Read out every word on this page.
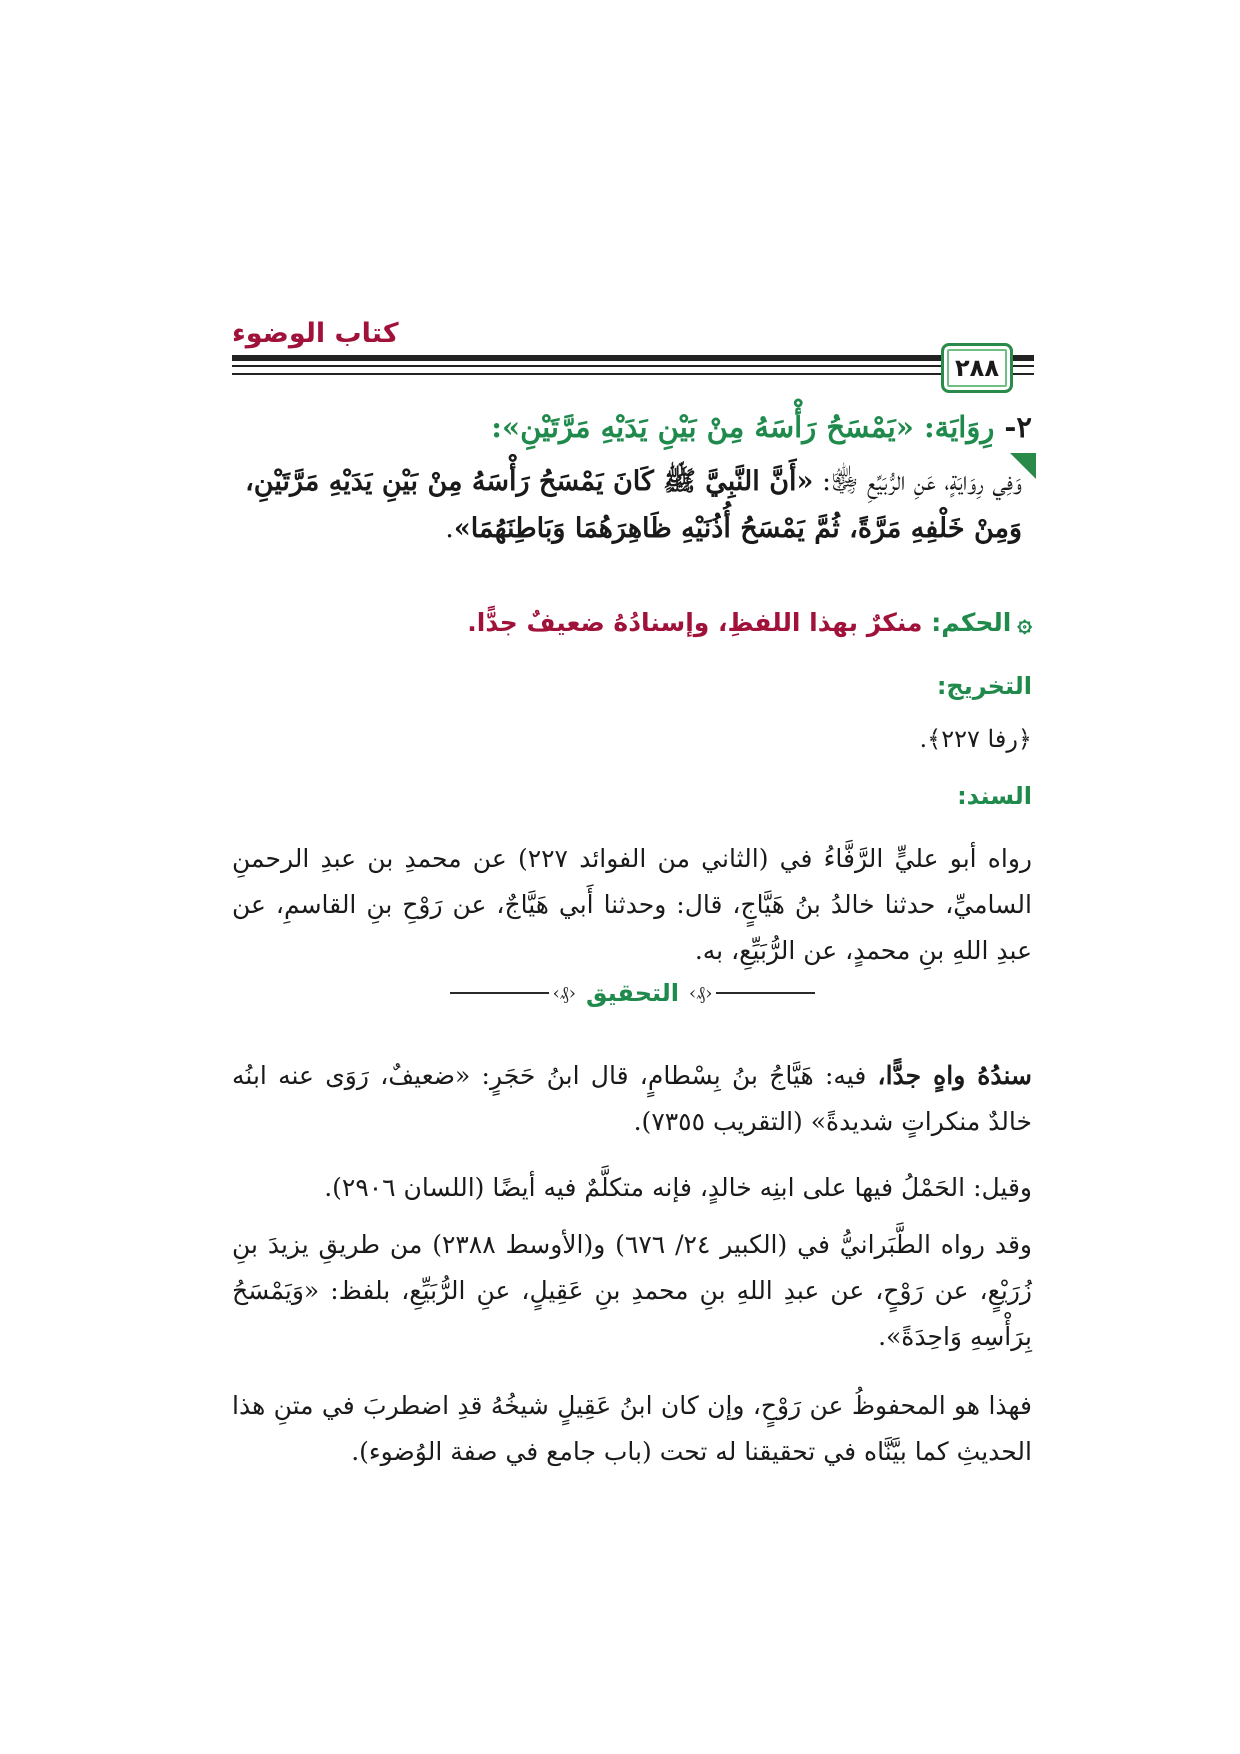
كتاب الوضوء
٢٨٨
٢-رِوَايَة: «يَمْسَحُ رَأْسَهُ مِنْ بَيْنِ يَدَيْهِ مَرَّتَيْنِ»:
وَفِي رِوَايَةٍ، عَنِ الرُّبَيِّعِ ﵂: «أَنَّ النَّبِيَّ ﷺ كَانَ يَمْسَحُ رَأْسَهُ مِنْ بَيْنِ يَدَيْهِ مَرَّتَيْنِ، وَمِنْ خَلْفِهِ مَرَّةً، ثُمَّ يَمْسَحُ أُذُنَيْهِ ظَاهِرَهُمَا وَبَاطِنَهُمَا».
۞الحكم: منكرٌ بهذا اللفظِ، وإسنادُهُ ضعيفٌ جدًّا.
التخريج:
﴿رفا ٢٢٧﴾.
السند:
رواه أبو عليٍّ الرَّفَّاءُ في (الثاني من الفوائد ٢٢٧) عن محمدِ بن عبدِ الرحمنِ الساميِّ، حدثنا خالدُ بنُ هَيَّاجٍ، قال: وحدثنا أَبي هَيَّاجٌ، عن رَوْحِ بنِ القاسمِ، عن عبدِ اللهِ بنِ محمدٍ، عن الرُّبَيِّعِ، به.
‹₰› التحقيق ‹₰›
سندُهُ واهٍ جدًّا، فيه: هَيَّاجُ بنُ بِسْطامٍ، قال ابنُ حَجَرٍ: «ضعيفٌ، رَوَى عنه ابنُه خالدٌ منكراتٍ شديدةً» (التقريب ٧٣٥٥).
وقيل: الحَمْلُ فيها على ابنِه خالدٍ، فإنه متكلَّمٌ فيه أيضًا (اللسان ٢٩٠٦).
وقد رواه الطَّبَرانيُّ في (الكبير ٢٤/ ٦٧٦) و(الأوسط ٢٣٨٨) من طريقِ يزيدَ بنِ زُرَيْعٍ، عن رَوْحٍ، عن عبدِ اللهِ بنِ محمدِ بنِ عَقِيلٍ، عنِ الرُّبَيِّعِ، بلفظ: «وَيَمْسَحُ بِرَأْسِهِ وَاحِدَةً».
فهذا هو المحفوظُ عن رَوْحٍ، وإن كان ابنُ عَقِيلٍ شيخُهُ قدِ اضطربَ في متنِ هذا الحديثِ كما بيَّنَّاه في تحقيقنا له تحت (باب جامع في صفة الوُضوء).
